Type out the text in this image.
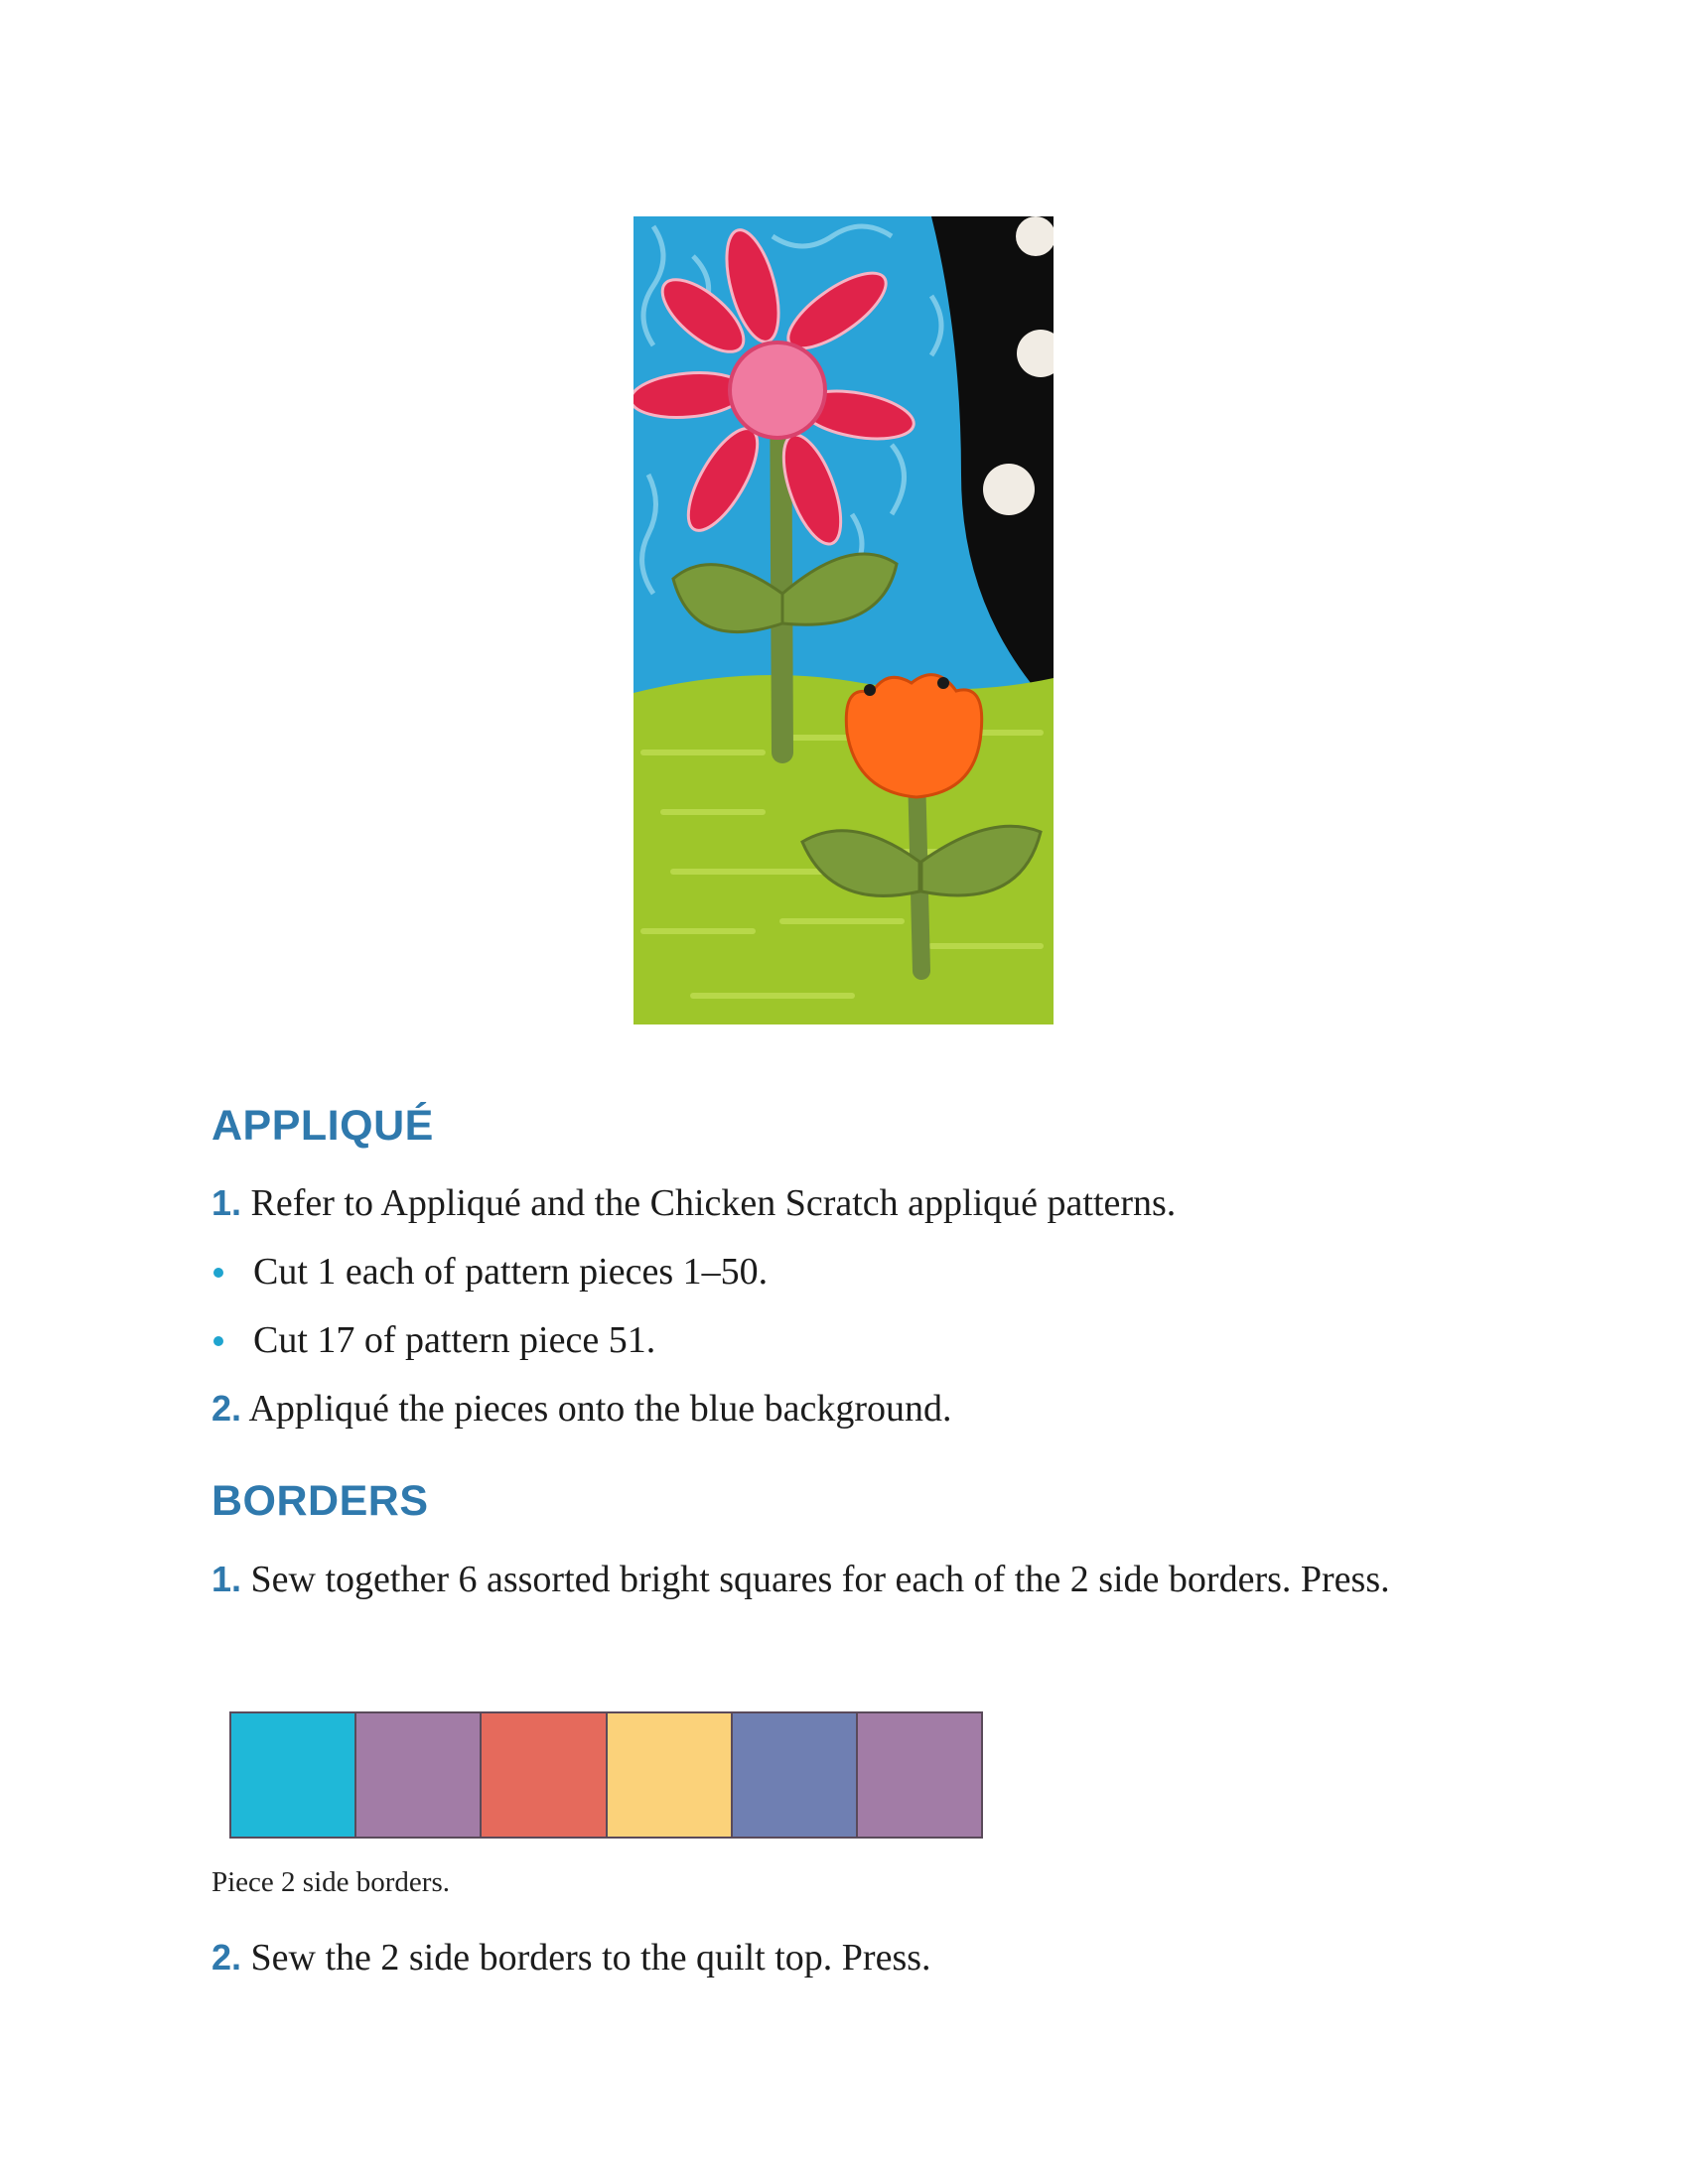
APPLIQUÉ

1. Refer to Appliqué and the Chicken Scratch appliqué patterns.

Cut 1 each of pattern pieces 1–50.
Cut 17 of pattern piece 51.

2. Appliqué the pieces onto the blue background.

BORDERS

1. Sew together 6 assorted bright squares for each of the 2 side borders. Press.

Piece 2 side borders.

2. Sew the 2 side borders to the quilt top. Press.
